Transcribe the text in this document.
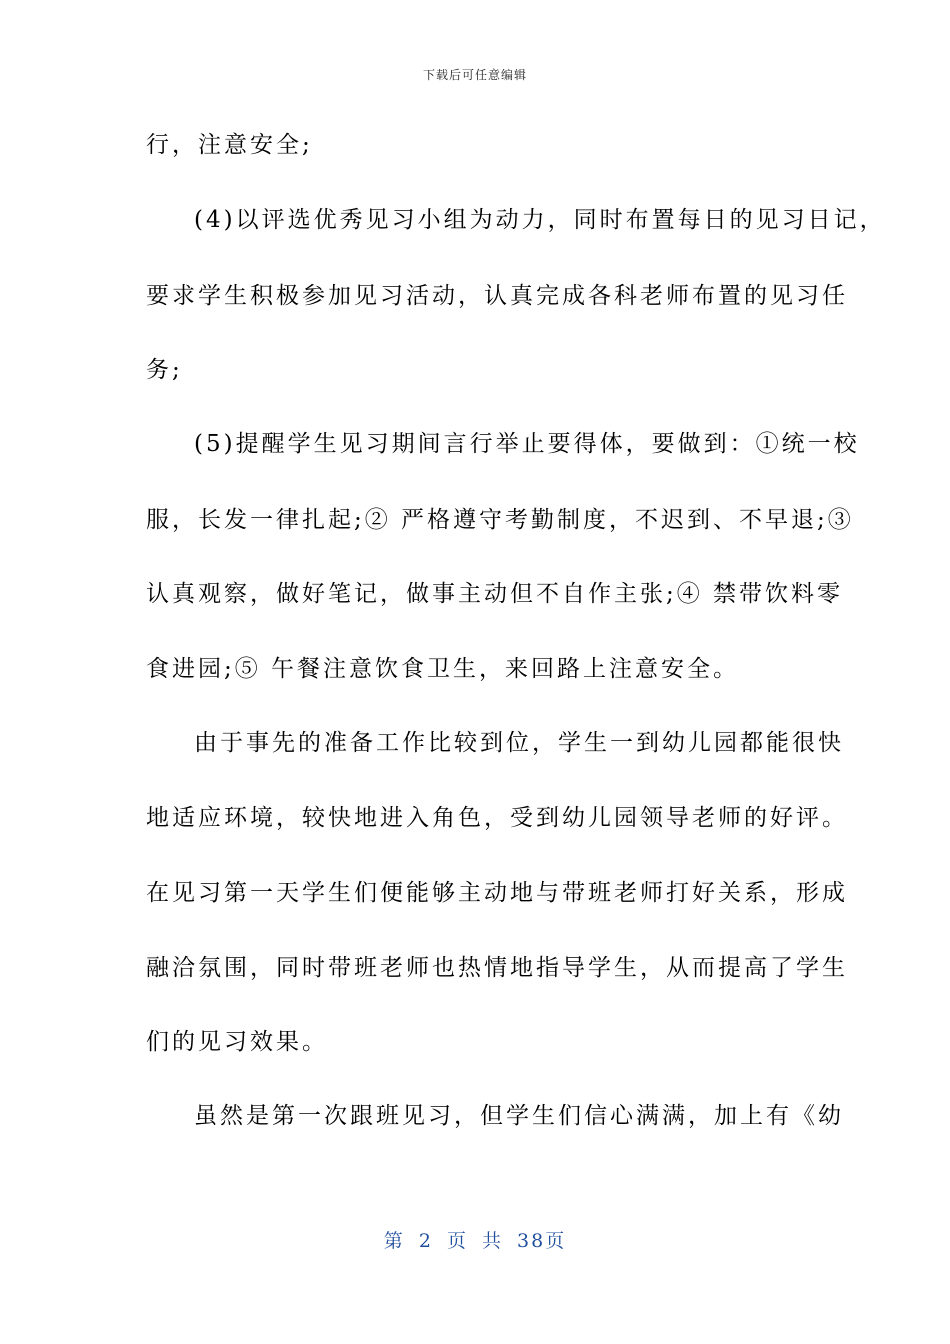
下载后可任意编辑
行，注意安全;
(4)以评选优秀见习小组为动力，同时布置每日的见习日记，
要求学生积极参加见习活动，认真完成各科老师布置的见习任
务;
(5)提醒学生见习期间言行举止要得体，要做到：①统一校
服，长发一律扎起;② 严格遵守考勤制度，不迟到、不早退;③
认真观察，做好笔记，做事主动但不自作主张;④ 禁带饮料零
食进园;⑤ 午餐注意饮食卫生，来回路上注意安全。
由于事先的准备工作比较到位，学生一到幼儿园都能很快
地适应环境，较快地进入角色，受到幼儿园领导老师的好评。
在见习第一天学生们便能够主动地与带班老师打好关系，形成
融洽氛围，同时带班老师也热情地指导学生，从而提高了学生
们的见习效果。
虽然是第一次跟班见习，但学生们信心满满，加上有《幼
第 2 页 共 38页
